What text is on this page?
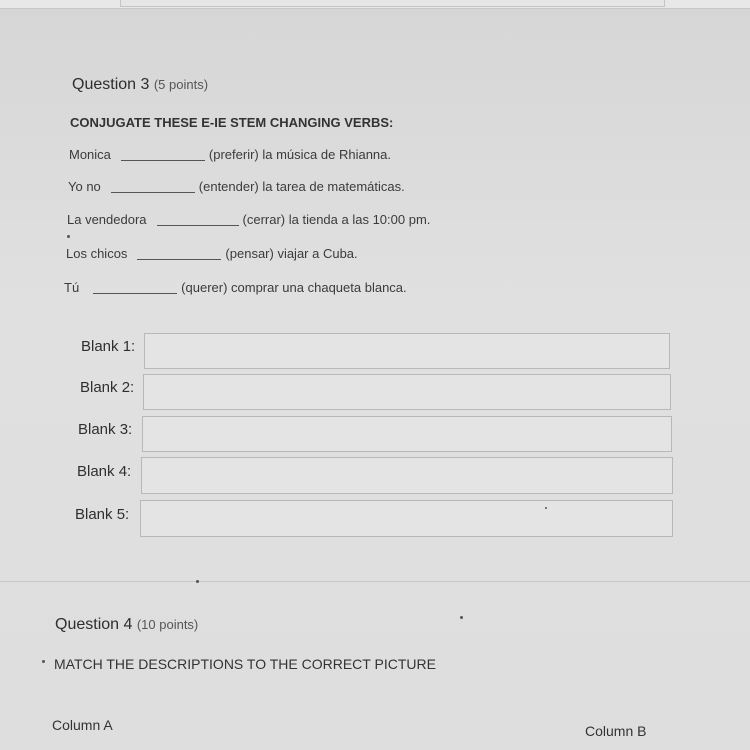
Question 3 (5 points)
CONJUGATE THESE E-IE STEM CHANGING VERBS:
Monica	(preferir) la música de Rhianna.
Yo no	(entender) la tarea de matemáticas.
La vendedora	(cerrar) la tienda a las 10:00 pm.
Los chicos	(pensar) viajar a Cuba.
Tú	(querer) comprar una chaqueta blanca.
Blank 1:
Blank 2:
Blank 3:
Blank 4:
Blank 5:
Question 4 (10 points)
MATCH THE DESCRIPTIONS TO THE CORRECT PICTURE
Column A	Column B
